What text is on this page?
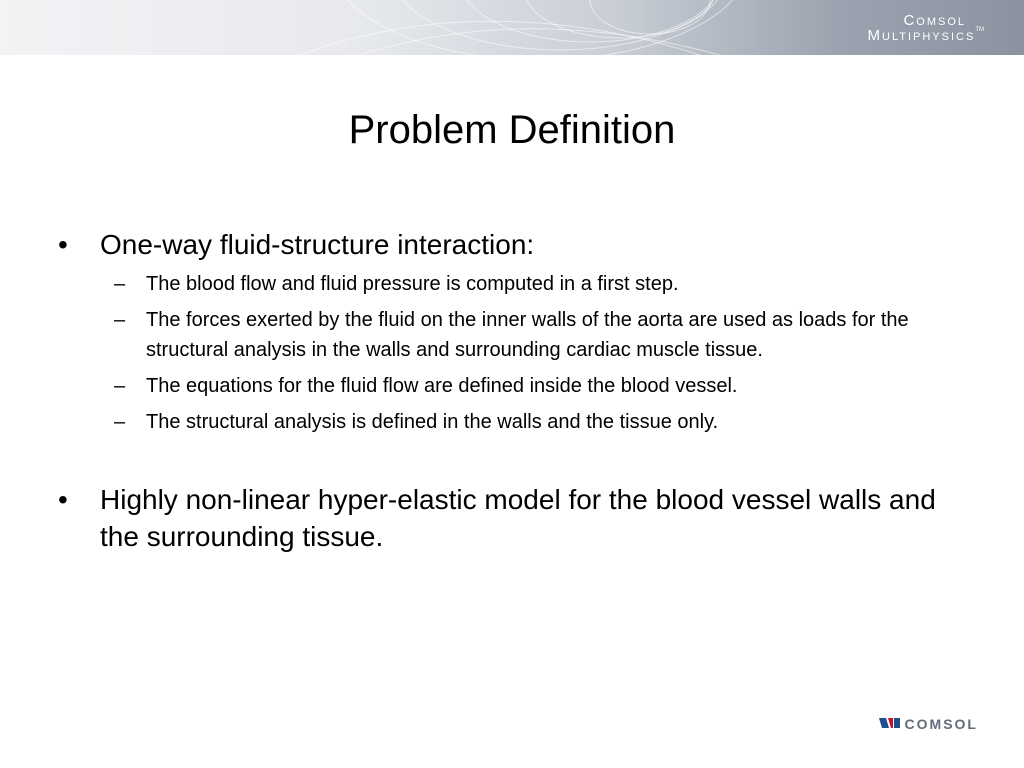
Comsol
Multiphysics™
Problem Definition
• One-way fluid-structure interaction:
– The blood flow and fluid pressure is computed in a first step.
– The forces exerted by the fluid on the inner walls of the aorta are used as loads for the structural analysis in the walls and surrounding cardiac muscle tissue.
– The equations for the fluid flow are defined inside the blood vessel.
– The structural analysis is defined in the walls and the tissue only.
• Highly non-linear hyper-elastic model for the blood vessel walls and the surrounding tissue.
COMSOL
